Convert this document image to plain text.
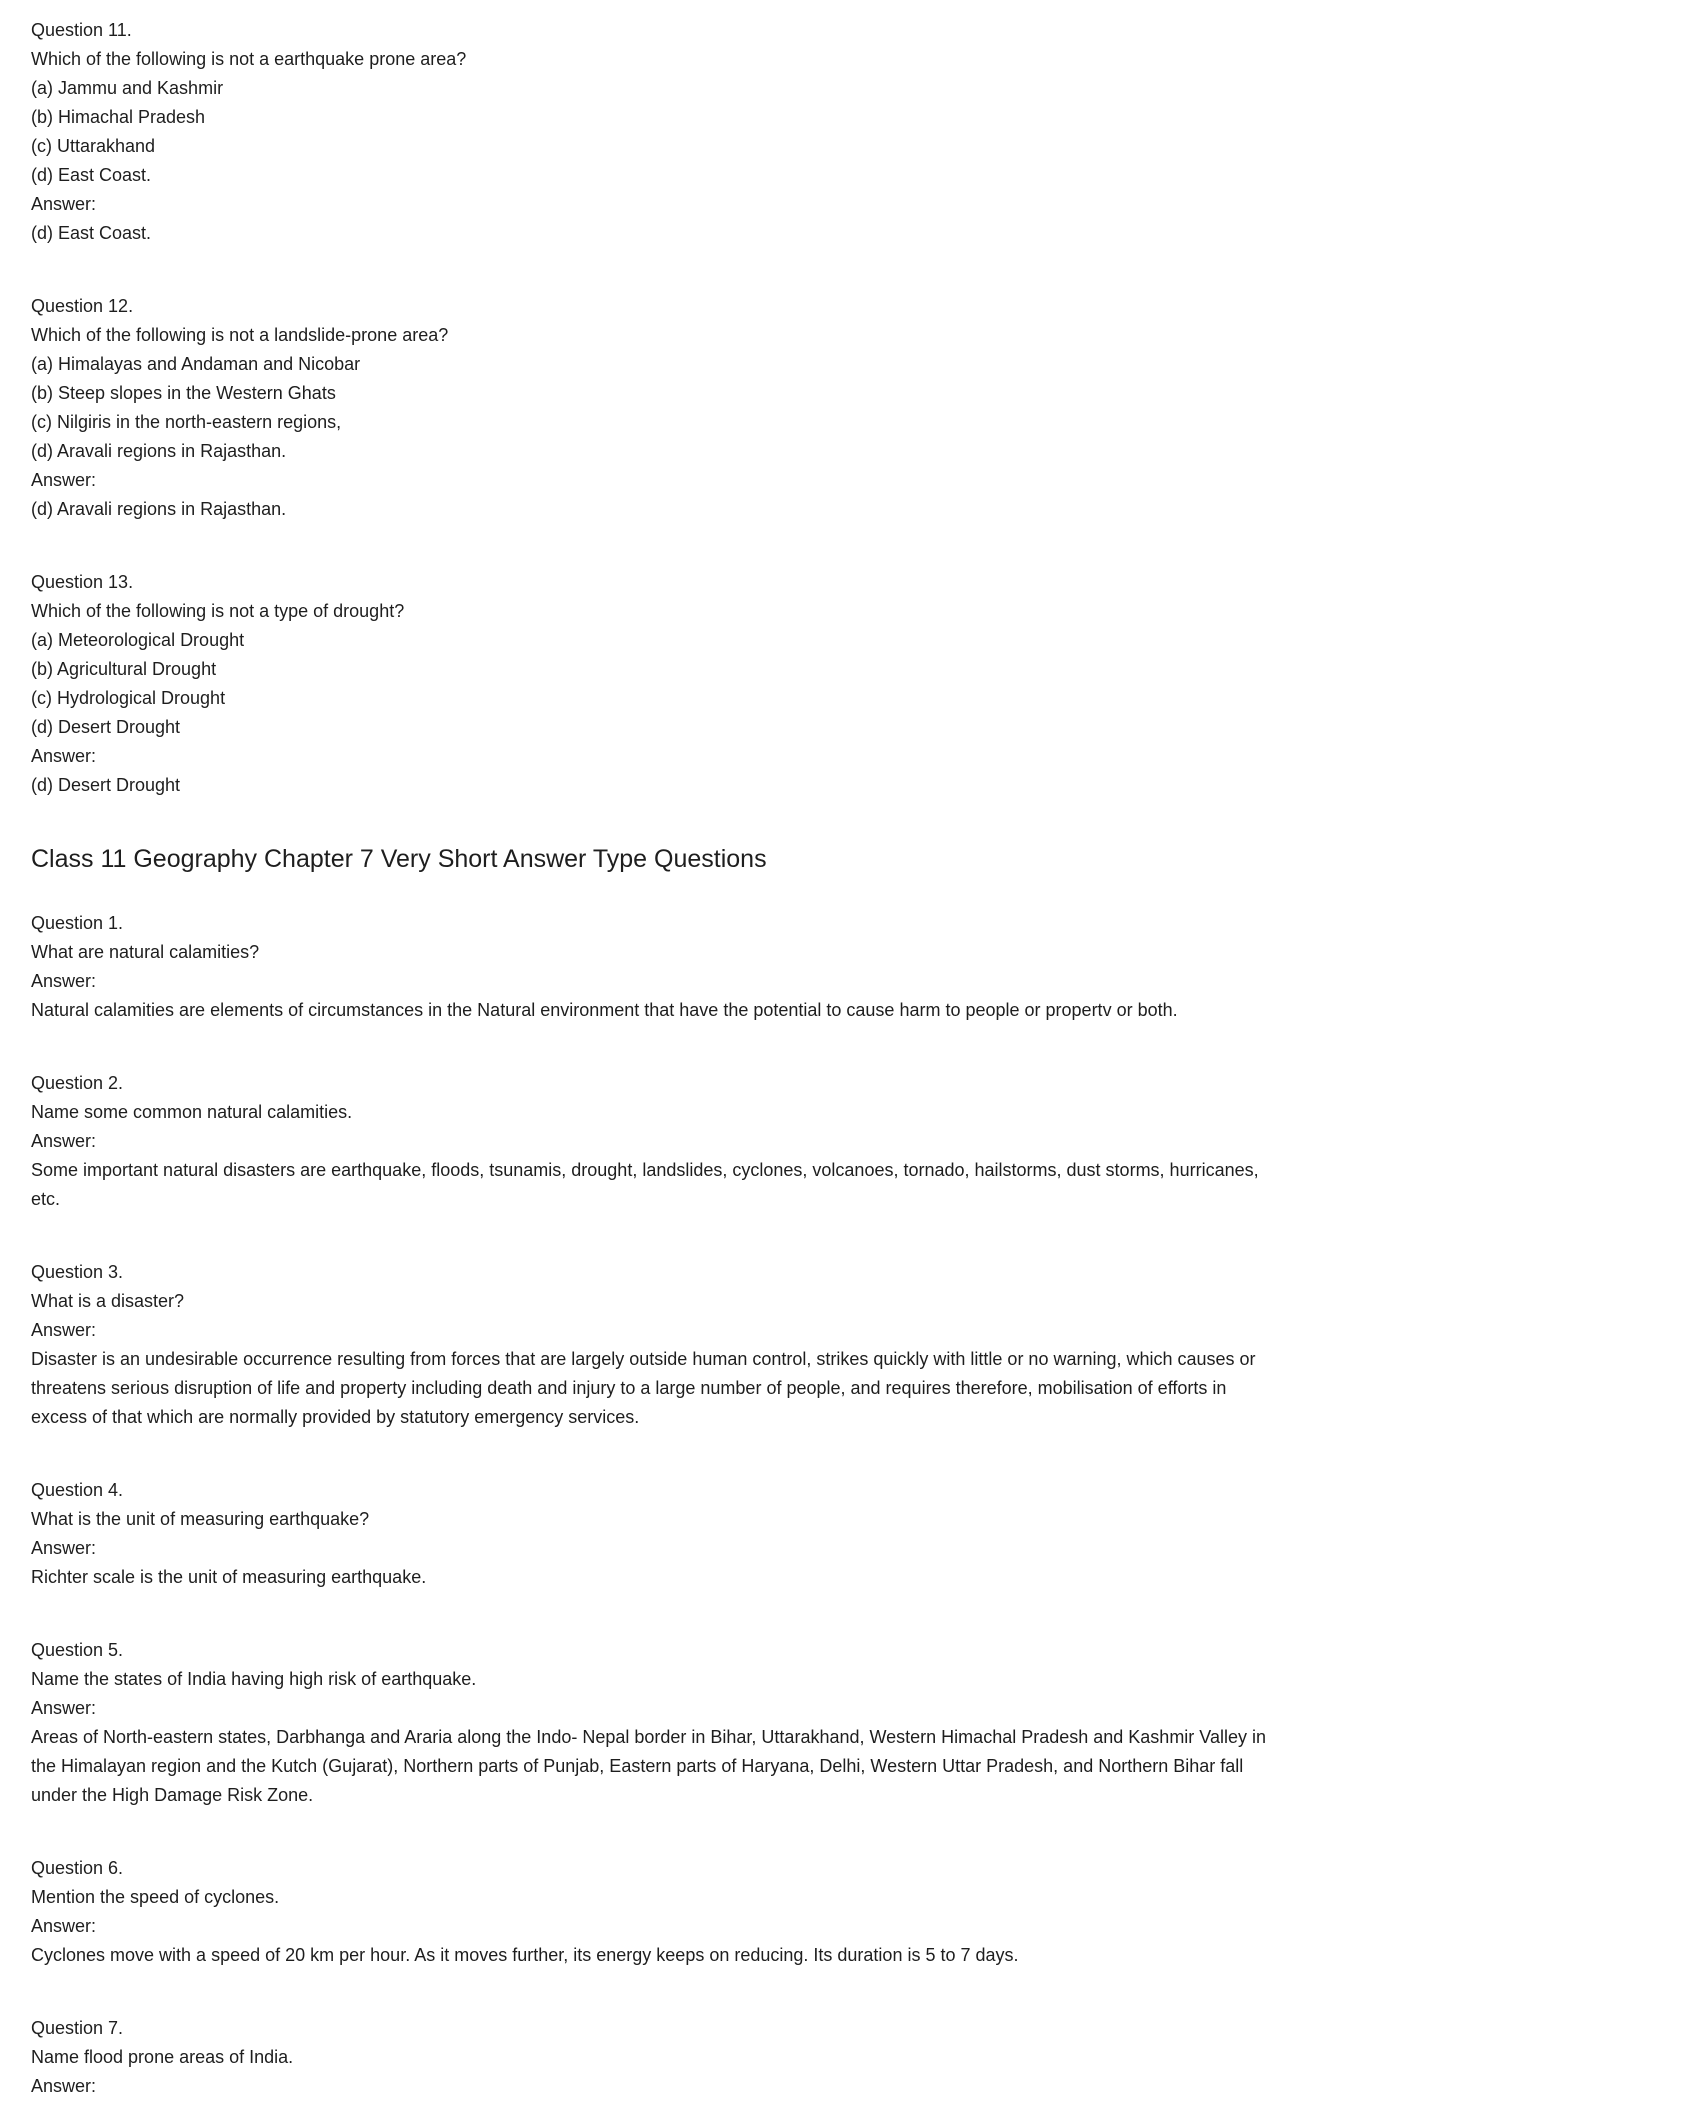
Question 11.

Which of the following is not a earthquake prone area?

(a) Jammu and Kashmir

(b) Himachal Pradesh

(c) Uttarakhand

(d) East Coast.

Answer:

(d) East Coast.

Question 12.

Which of the following is not a landslide-prone area?

(a) Himalayas and Andaman and Nicobar

(b) Steep slopes in the Western Ghats

(c) Nilgiris in the north-eastern regions,

(d) Aravali regions in Rajasthan.

Answer:

(d) Aravali regions in Rajasthan.

Question 13.

Which of the following is not a type of drought?

(a) Meteorological Drought

(b) Agricultural Drought

(c) Hydrological Drought

(d) Desert Drought

Answer:

(d) Desert Drought

Class 11 Geography Chapter 7 Very Short Answer Type Questions

Question 1.

What are natural calamities?

Answer:

Natural calamities are elements of circumstances in the Natural environment that have the potential to cause harm to people or propertv or both.

Question 2.

Name some common natural calamities.

Answer:

Some important natural disasters are earthquake, floods, tsunamis, drought, landslides, cyclones, volcanoes, tornado, hailstorms, dust storms, hurricanes, etc.

Question 3.

What is a disaster?

Answer:

Disaster is an undesirable occurrence resulting from forces that are largely outside human control, strikes quickly with little or no warning, which causes or threatens serious disruption of life and property including death and injury to a large number of people, and requires therefore, mobilisation of efforts in excess of that which are normally provided by statutory emergency services.

Question 4.

What is the unit of measuring earthquake?

Answer:

Richter scale is the unit of measuring earthquake.

Question 5.

Name the states of India having high risk of earthquake.

Answer:

Areas of North-eastern states, Darbhanga and Araria along the Indo- Nepal border in Bihar, Uttarakhand, Western Himachal Pradesh and Kashmir Valley in the Himalayan region and the Kutch (Gujarat), Northern parts of Punjab, Eastern parts of Haryana, Delhi, Western Uttar Pradesh, and Northern Bihar fall under the High Damage Risk Zone.

Question 6.

Mention the speed of cyclones.

Answer:

Cyclones move with a speed of 20 km per hour. As it moves further, its energy keeps on reducing. Its duration is 5 to 7 days.

Question 7.

Name flood prone areas of India.

Answer:
